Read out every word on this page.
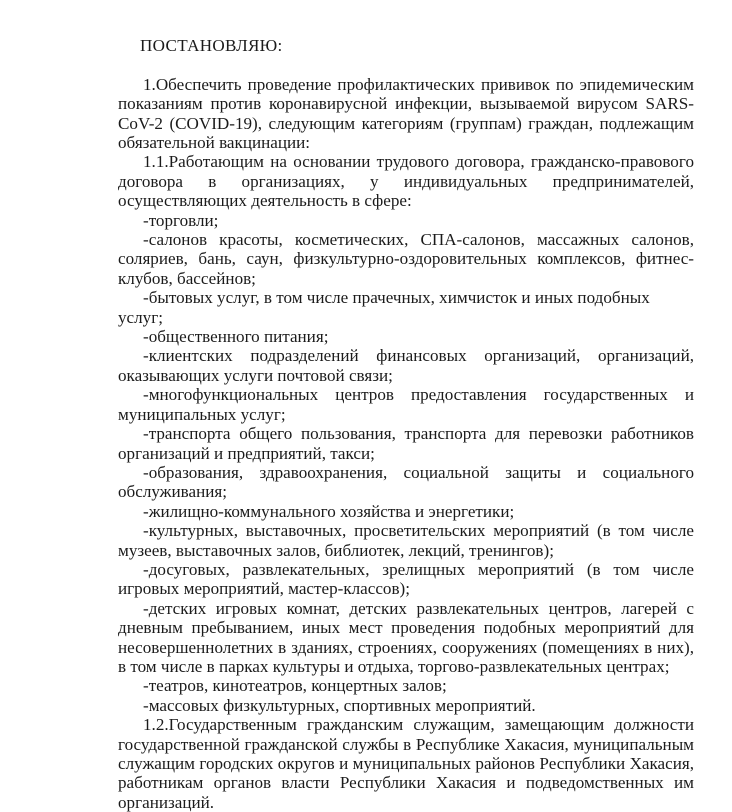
ПОСТАНОВЛЯЮ:

1.Обеспечить проведение профилактических прививок по эпидемическим показаниям против коронавирусной инфекции, вызываемой вирусом SARS-CoV-2 (COVID-19), следующим категориям (группам) граждан, подлежащим обязательной вакцинации:

1.1.Работающим на основании трудового договора, гражданско-правового договора в организациях, у индивидуальных предпринимателей, осуществляющих деятельность в сфере:

-торговли;

-салонов красоты, косметических, СПА-салонов, массажных салонов, соляриев, бань, саун, физкультурно-оздоровительных комплексов, фитнес-клубов, бассейнов;

-бытовых услуг, в том числе прачечных, химчисток и иных подобных услуг;

-общественного питания;

-клиентских подразделений финансовых организаций, организаций, оказывающих услуги почтовой связи;

-многофункциональных центров предоставления государственных и муниципальных услуг;

-транспорта общего пользования, транспорта для перевозки работников организаций и предприятий, такси;

-образования, здравоохранения, социальной защиты и социального обслуживания;

-жилищно-коммунального хозяйства и энергетики;

-культурных, выставочных, просветительских мероприятий (в том числе музеев, выставочных залов, библиотек, лекций, тренингов);

-досуговых, развлекательных, зрелищных мероприятий (в том числе игровых мероприятий, мастер-классов);

-детских игровых комнат, детских развлекательных центров, лагерей с дневным пребыванием, иных мест проведения подобных мероприятий для несовершеннолетних в зданиях, строениях, сооружениях (помещениях в них), в том числе в парках культуры и отдыха, торгово-развлекательных центрах;

-театров, кинотеатров, концертных залов;

-массовых физкультурных, спортивных мероприятий.

1.2.Государственным гражданским служащим, замещающим должности государственной гражданской службы в Республике Хакасия, муниципальным служащим городских округов и муниципальных районов Республики Хакасия, работникам органов власти Республики Хакасия и подведомственных им организаций.
